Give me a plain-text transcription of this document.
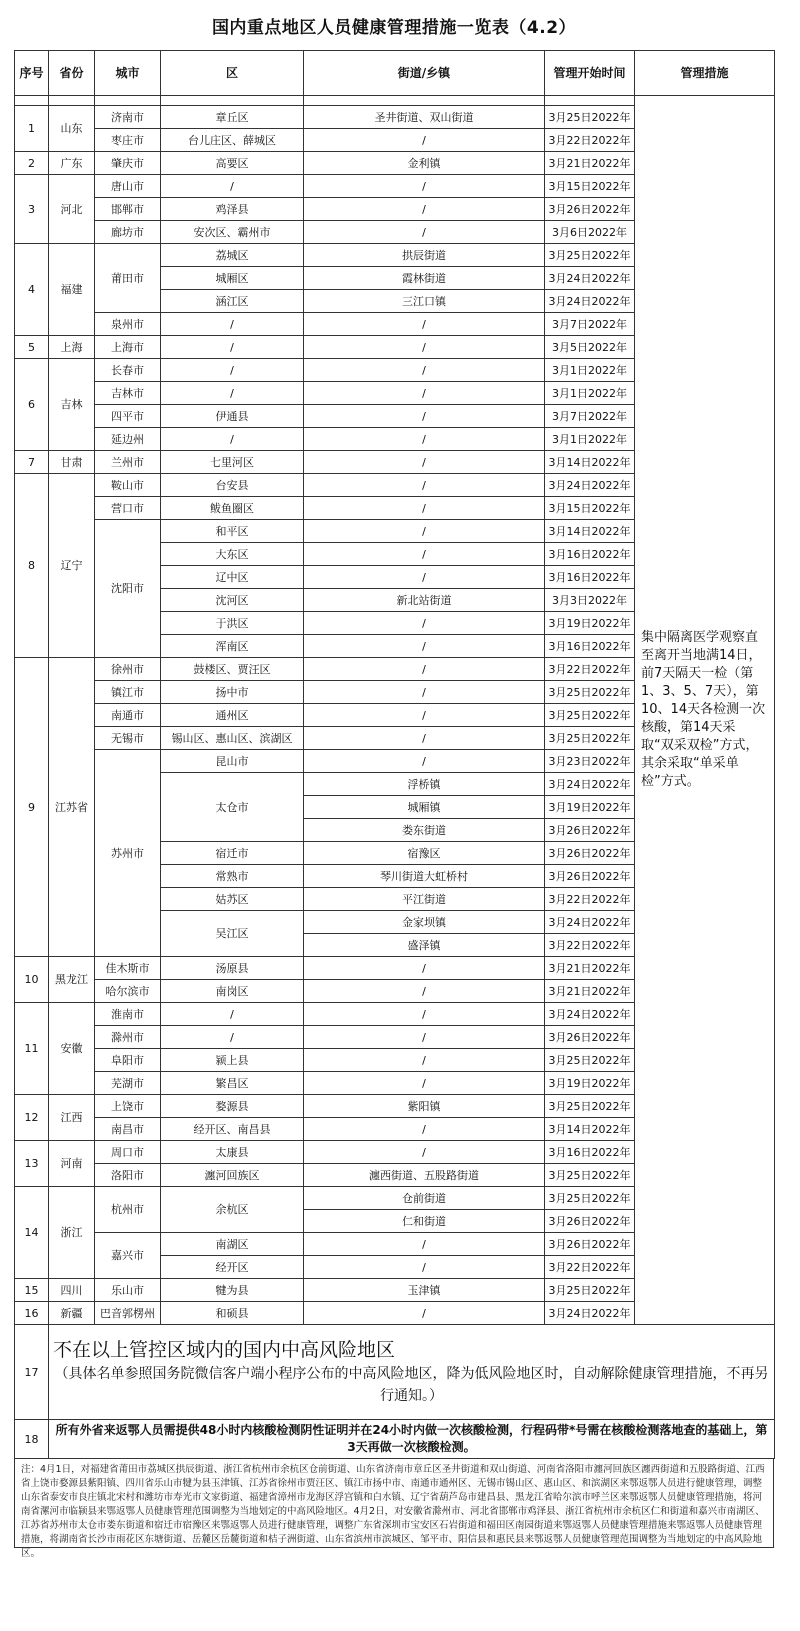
国内重点地区人员健康管理措施一览表（4.2）
序号	省份	城市	区	街道/乡镇	管理开始时间	管理措施
						集中隔离医学观察直至离开当地满14日，前7天隔天一检（第1、3、5、7天），第10、14天各检测一次核酸，第14天采取“双采双检”方式，其余采取“单采单检”方式。
1	山东	济南市	章丘区	圣井街道、双山街道	3月25日2022年	
		枣庄市	台儿庄区、薛城区	/	3月22日2022年	
2	广东	肇庆市	高要区	金利镇	3月21日2022年	
3	河北	唐山市	/	/	3月15日2022年	
		邯郸市	鸡泽县	/	3月26日2022年	
		廊坊市	安次区、霸州市	/	3月6日2022年	
4	福建	莆田市	荔城区	拱辰街道	3月25日2022年	
			城厢区	霞林街道	3月24日2022年	
			涵江区	三江口镇	3月24日2022年	
		泉州市	/	/	3月7日2022年	
5	上海	上海市	/	/	3月5日2022年	
6	吉林	长春市	/	/	3月1日2022年	
		吉林市	/	/	3月1日2022年	
		四平市	伊通县	/	3月7日2022年	
		延边州	/	/	3月1日2022年	
7	甘肃	兰州市	七里河区	/	3月14日2022年	
8	辽宁	鞍山市	台安县	/	3月24日2022年	
		营口市	鲅鱼圈区	/	3月15日2022年	
		沈阳市	和平区	/	3月14日2022年	
			大东区	/	3月16日2022年	
			辽中区	/	3月16日2022年	
			沈河区	新北站街道	3月3日2022年	
			于洪区	/	3月19日2022年	
			浑南区	/	3月16日2022年	
9	江苏省	徐州市	鼓楼区、贾汪区	/	3月22日2022年	
		镇江市	扬中市	/	3月25日2022年	
		南通市	通州区	/	3月25日2022年	
		无锡市	锡山区、惠山区、滨湖区	/	3月25日2022年	
		苏州市	昆山市	/	3月23日2022年	
			太仓市	浮桥镇	3月24日2022年	
				城厢镇	3月19日2022年	
				娄东街道	3月26日2022年	
			宿迁市	宿豫区	3月26日2022年	
			常熟市	琴川街道大虹桥村	3月26日2022年	
			姑苏区	平江街道	3月22日2022年	
			吴江区	金家坝镇	3月24日2022年	
				盛泽镇	3月22日2022年	
10	黑龙江	佳木斯市	汤原县	/	3月21日2022年	
		哈尔滨市	南岗区	/	3月21日2022年	
11	安徽	淮南市	/	/	3月24日2022年	
		滁州市	/	/	3月26日2022年	
		阜阳市	颍上县	/	3月25日2022年	
		芜湖市	繁昌区	/	3月19日2022年	
12	江西	上饶市	婺源县	紫阳镇	3月25日2022年	
		南昌市	经开区、南昌县	/	3月14日2022年	
13	河南	周口市	太康县	/	3月16日2022年	
		洛阳市	瀍河回族区	瀍西街道、五股路街道	3月25日2022年	
14	浙江	杭州市	余杭区	仓前街道	3月25日2022年	
				仁和街道	3月26日2022年	
		嘉兴市	南湖区	/	3月26日2022年	
			经开区	/	3月22日2022年	
15	四川	乐山市	犍为县	玉津镇	3月25日2022年	
16	新疆	巴音郭楞州	和硕县	/	3月24日2022年	
17	不在以上管控区域内的国内中高风险地区
（具体名单参照国务院微信客户端小程序公布的中高风险地区，降为低风险地区时，自动解除健康管理措施，不再另行通知。）					

18	所有外省来返鄂人员需提供48小时内核酸检测阴性证明并在24小时内做一次核酸检测，行程码带*号需在核酸检测落地查的基础上，第3天再做一次核酸检测。					
注：4月1日，对福建省莆田市荔城区拱辰街道、浙江省杭州市余杭区仓前街道、山东省济南市章丘区圣井街道和双山街道、河南省洛阳市瀍河回族区瀍西街道和五股路街道、江西省上饶市婺源县紫阳镇、四川省乐山市犍为县玉津镇、江苏省徐州市贾汪区、镇江市扬中市、南通市通州区、无锡市锡山区、惠山区、和滨湖区来鄂返鄂人员进行健康管理，调整山东省泰安市良庄镇北宋村和潍坊市寿光市文家街道、福建省漳州市龙海区浮宫镇和白水镇、辽宁省葫芦岛市建昌县、黑龙江省哈尔滨市呼兰区来鄂返鄂人员健康管理措施，将河南省漯河市临颍县来鄂返鄂人员健康管理范围调整为当地划定的中高风险地区。4月2日，对安徽省滁州市、河北省邯郸市鸡泽县、浙江省杭州市余杭区仁和街道和嘉兴市南湖区、江苏省苏州市太仓市娄东街道和宿迁市宿豫区来鄂返鄂人员进行健康管理，调整广东省深圳市宝安区石岩街道和福田区南园街道来鄂返鄂人员健康管理措施来鄂返鄂人员健康管理措施，将湖南省长沙市雨花区东塘街道、岳麓区岳麓街道和桔子洲街道、山东省滨州市滨城区、邹平市、阳信县和惠民县来鄂返鄂人员健康管理范围调整为当地划定的中高风险地区。
